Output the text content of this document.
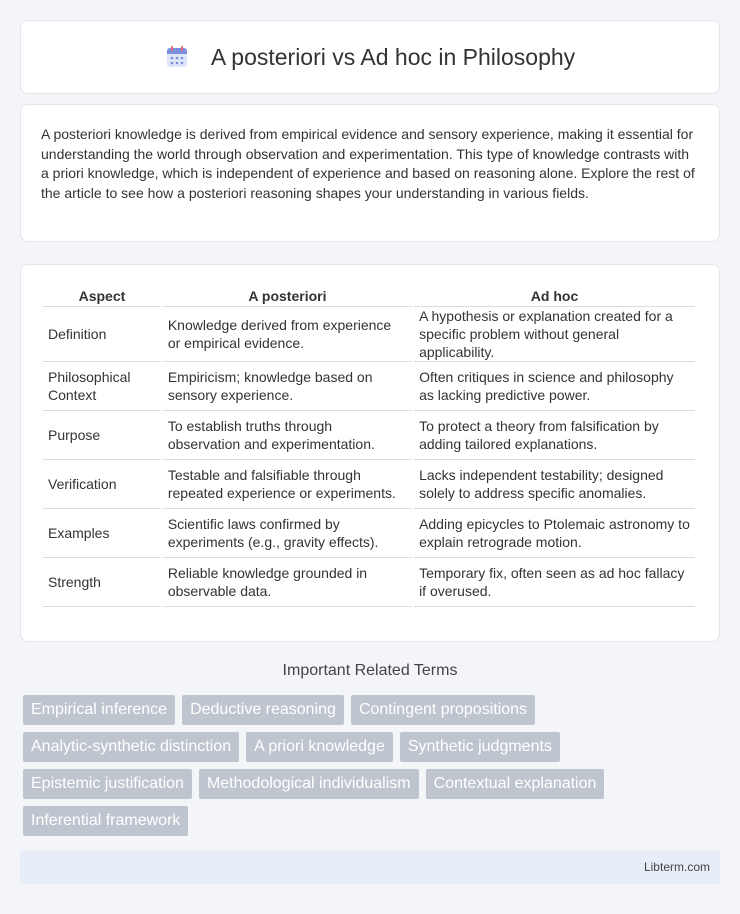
A posteriori vs Ad hoc in Philosophy

A posteriori knowledge is derived from empirical evidence and sensory experience, making it essential for understanding the world through observation and experimentation. This type of knowledge contrasts with a priori knowledge, which is independent of experience and based on reasoning alone. Explore the rest of the article to see how a posteriori reasoning shapes your understanding in various fields.

Aspect	A posteriori	Ad hoc
Definition	Knowledge derived from experience or empirical evidence.	A hypothesis or explanation created for a specific problem without general applicability.
Philosophical Context	Empiricism; knowledge based on sensory experience.	Often critiques in science and philosophy as lacking predictive power.
Purpose	To establish truths through observation and experimentation.	To protect a theory from falsification by adding tailored explanations.
Verification	Testable and falsifiable through repeated experience or experiments.	Lacks independent testability; designed solely to address specific anomalies.
Examples	Scientific laws confirmed by experiments (e.g., gravity effects).	Adding epicycles to Ptolemaic astronomy to explain retrograde motion.
Strength	Reliable knowledge grounded in observable data.	Temporary fix, often seen as ad hoc fallacy if overused.
Important Related Terms
Empirical inference	Deductive reasoning	Contingent propositions
Analytic-synthetic distinction	A priori knowledge	Synthetic judgments
Epistemic justification	Methodological individualism	Contextual explanation
Inferential framework
Libterm.com
